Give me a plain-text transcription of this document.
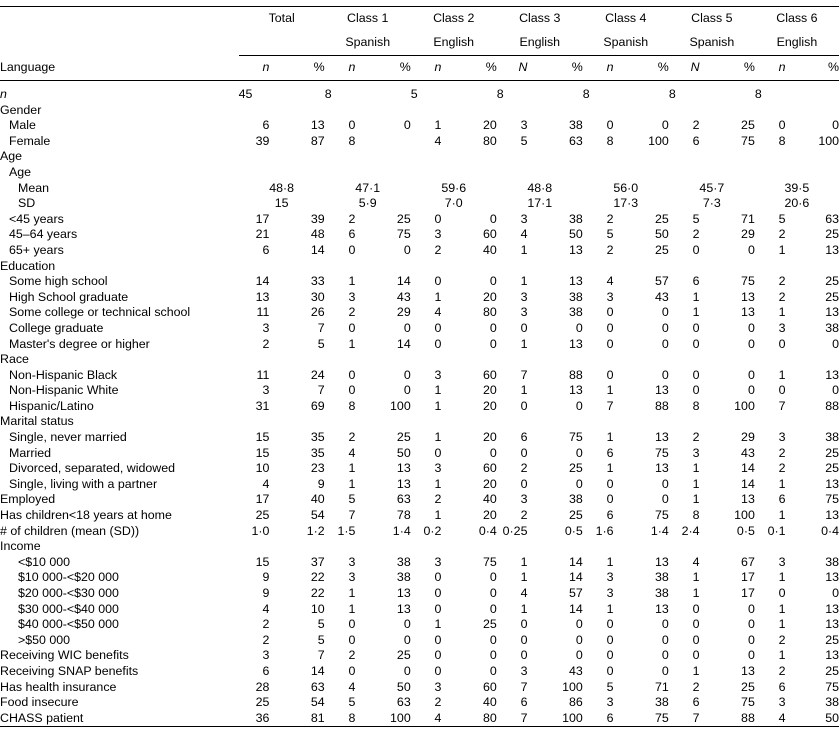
	Total		Class 1		Class 2		Class 3		Class 4		Class 5		Class 6	
			Spanish		English		English		Spanish		Spanish		English	
Language	n	%	n	%	n	%	N	%	n	%	N	%	n	%
n	45		8		5		8		8		8		8	
Gender														
Male	6	13	0	0	1	20	3	38	0	0	2	25	0	0
Female	39	87	8		4	80	5	63	8	100	6	75	8	100
Age														
Age														
Mean	48·8		47·1		59·6		48·8		56·0		45·7		39·5	
SD	15		5·9		7·0		17·1		17·3		7·3		20·6	
<45 years	17	39	2	25	0	0	3	38	2	25	5	71	5	63
45–64 years	21	48	6	75	3	60	4	50	5	50	2	29	2	25
65+ years	6	14	0	0	2	40	1	13	2	25	0	0	1	13
Education														
Some high school	14	33	1	14	0	0	1	13	4	57	6	75	2	25
High School graduate	13	30	3	43	1	20	3	38	3	43	1	13	2	25
Some college or technical school	11	26	2	29	4	80	3	38	0	0	1	13	1	13
College graduate	3	7	0	0	0	0	0	0	0	0	0	0	3	38
Master's degree or higher	2	5	1	14	0	0	1	13	0	0	0	0	0	0
Race														
Non-Hispanic Black	11	24	0	0	3	60	7	88	0	0	0	0	1	13
Non-Hispanic White	3	7	0	0	1	20	1	13	1	13	0	0	0	0
Hispanic/Latino	31	69	8	100	1	20	0	0	7	88	8	100	7	88
Marital status														
Single, never married	15	35	2	25	1	20	6	75	1	13	2	29	3	38
Married	15	35	4	50	0	0	0	0	6	75	3	43	2	25
Divorced, separated, widowed	10	23	1	13	3	60	2	25	1	13	1	14	2	25
Single, living with a partner	4	9	1	13	1	20	0	0	0	0	1	14	1	13
Employed	17	40	5	63	2	40	3	38	0	0	1	13	6	75
Has children<18 years at home	25	54	7	78	1	20	2	25	6	75	8	100	1	13
# of children (mean (SD))	1·0	1·2	1·5	1·4	0·2	0·4	0·25	0·5	1·6	1·4	2·4	0·5	0·1	0·4
Income														
<$10 000	15	37	3	38	3	75	1	14	1	13	4	67	3	38
$10 000-<$20 000	9	22	3	38	0	0	1	14	3	38	1	17	1	13
$20 000-<$30 000	9	22	1	13	0	0	4	57	3	38	1	17	0	0
$30 000-<$40 000	4	10	1	13	0	0	1	14	1	13	0	0	1	13
$40 000-<$50 000	2	5	0	0	1	25	0	0	0	0	0	0	1	13
>$50 000	2	5	0	0	0	0	0	0	0	0	0	0	2	25
Receiving WIC benefits	3	7	2	25	0	0	0	0	0	0	0	0	1	13
Receiving SNAP benefits	6	14	0	0	0	0	3	43	0	0	1	13	2	25
Has health insurance	28	63	4	50	3	60	7	100	5	71	2	25	6	75
Food insecure	25	54	5	63	2	40	6	86	3	38	6	75	3	38
CHASS patient	36	81	8	100	4	80	7	100	6	75	7	88	4	50
